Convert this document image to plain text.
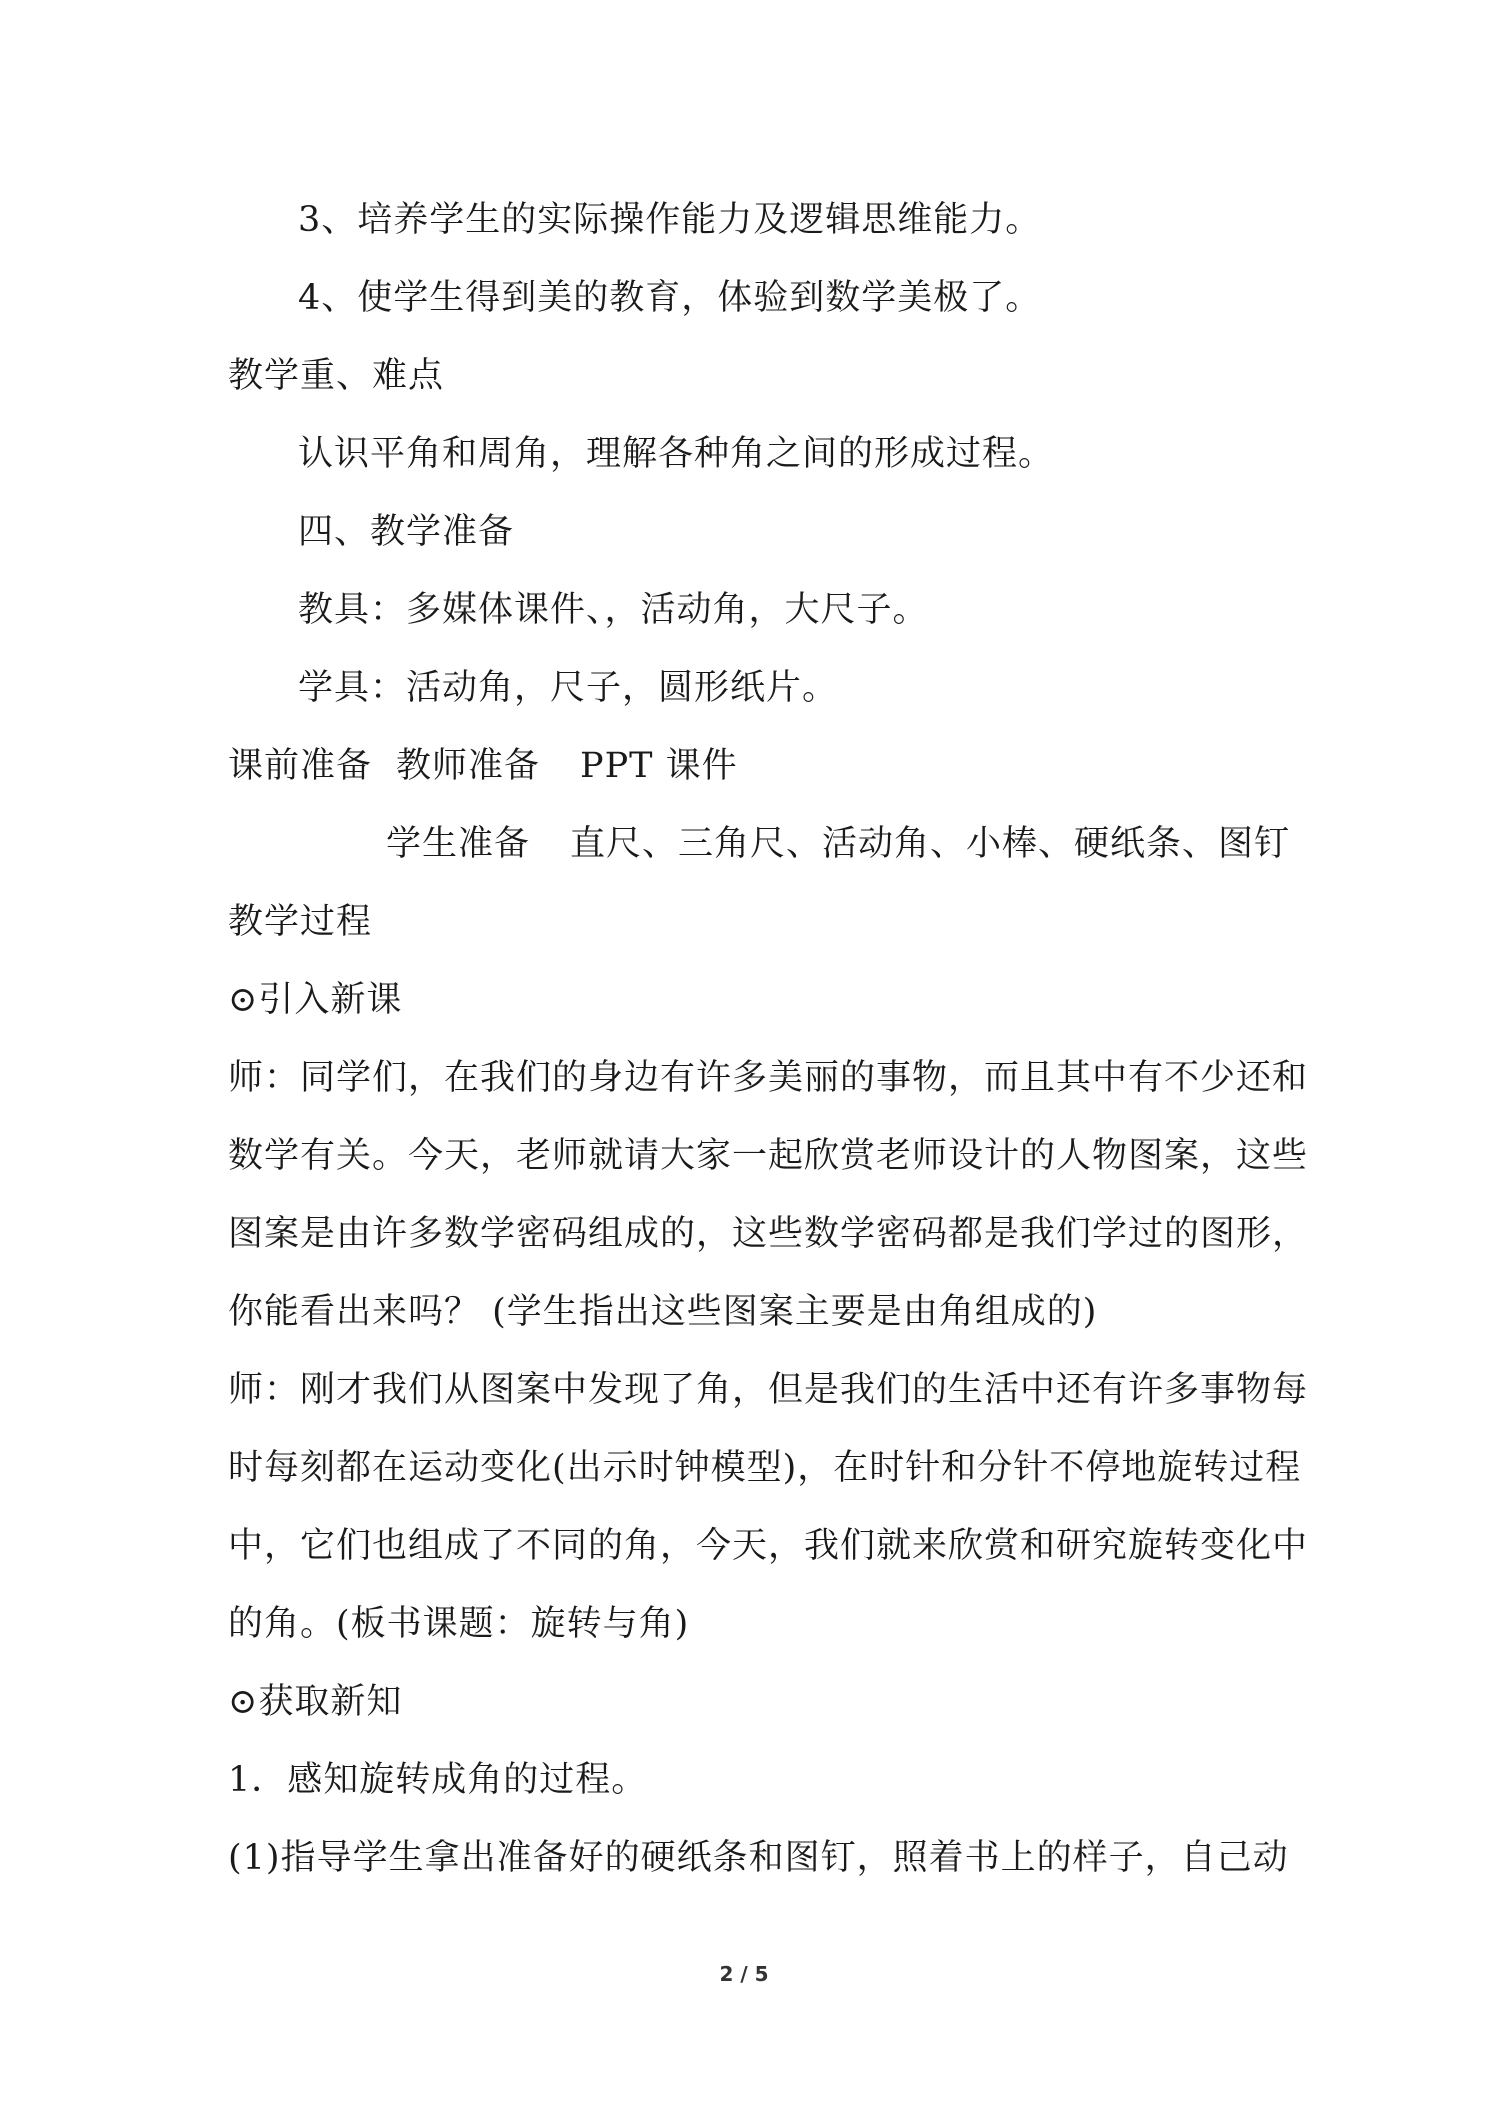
3、培养学生的实际操作能力及逻辑思维能力。
4、使学生得到美的教育，体验到数学美极了。
教学重、难点
认识平角和周角，理解各种角之间的形成过程。
四、教学准备
教具：多媒体课件、，活动角，大尺子。
学具：活动角，尺子，圆形纸片。
课前准备 教师准备 PPT 课件
学生准备 直尺、三角尺、活动角、小棒、硬纸条、图钉
教学过程
⊙引入新课
师：同学们，在我们的身边有许多美丽的事物，而且其中有不少还和
数学有关。今天，老师就请大家一起欣赏老师设计的人物图案，这些
图案是由许多数学密码组成的，这些数学密码都是我们学过的图形，
你能看出来吗？ (学生指出这些图案主要是由角组成的)
师：刚才我们从图案中发现了角，但是我们的生活中还有许多事物每
时每刻都在运动变化(出示时钟模型)，在时针和分针不停地旋转过程
中，它们也组成了不同的角，今天，我们就来欣赏和研究旋转变化中
的角。(板书课题：旋转与角)
⊙获取新知
1．感知旋转成角的过程。
(1)指导学生拿出准备好的硬纸条和图钉，照着书上的样子，自己动
2 / 5
